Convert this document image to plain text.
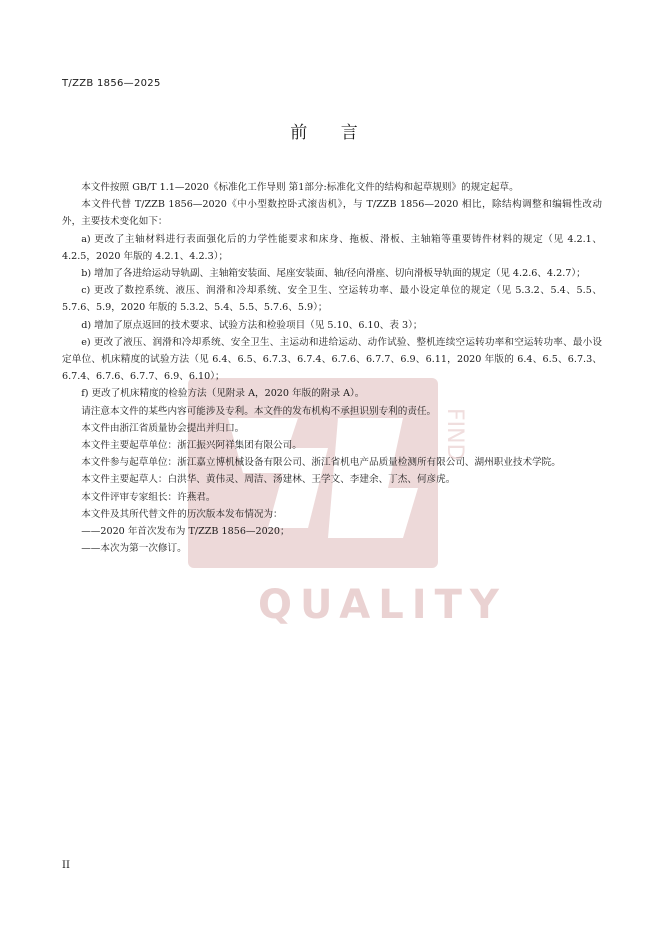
T/ZZB 1856—2025
前 言
FIND
QUALITY

本文件按照 GB/T 1.1—2020《标准化工作导则 第1部分:标准化文件的结构和起草规则》的规定起草。

本文件代替 T/ZZB 1856—2020《中小型数控卧式滚齿机》，与 T/ZZB 1856—2020 相比，除结构调整和编辑性改动外，主要技术变化如下：

a) 更改了主轴材料进行表面强化后的力学性能要求和床身、拖板、滑板、主轴箱等重要铸件材料的规定（见 4.2.1、4.2.5，2020 年版的 4.2.1、4.2.3）；

b) 增加了各进给运动导轨副、主轴箱安装面、尾座安装面、轴/径向滑座、切向滑板导轨面的规定（见 4.2.6、4.2.7）；

c) 更改了数控系统、液压、润滑和冷却系统、安全卫生、空运转功率、最小设定单位的规定（见 5.3.2、5.4、5.5、5.7.6、5.9，2020 年版的 5.3.2、5.4、5.5、5.7.6、5.9）；

d) 增加了原点返回的技术要求、试验方法和检验项目（见 5.10、6.10、表 3）；

e) 更改了液压、润滑和冷却系统、安全卫生、主运动和进给运动、动作试验、整机连续空运转功率和空运转功率、最小设定单位、机床精度的试验方法（见 6.4、6.5、6.7.3、6.7.4、6.7.6、6.7.7、6.9、6.11，2020 年版的 6.4、6.5、6.7.3、6.7.4、6.7.6、6.7.7、6.9、6.10）；

f) 更改了机床精度的检验方法（见附录 A，2020 年版的附录 A）。

请注意本文件的某些内容可能涉及专利。本文件的发布机构不承担识别专利的责任。

本文件由浙江省质量协会提出并归口。

本文件主要起草单位：浙江振兴阿祥集团有限公司。

本文件参与起草单位：浙江嘉立博机械设备有限公司、浙江省机电产品质量检测所有限公司、湖州职业技术学院。

本文件主要起草人：白洪华、黄伟灵、周洁、汤建林、王学文、李建余、丁杰、何彦虎。

本文件评审专家组长：许燕君。

本文件及其所代替文件的历次版本发布情况为：

——2020 年首次发布为 T/ZZB 1856—2020；

——本次为第一次修订。

II
